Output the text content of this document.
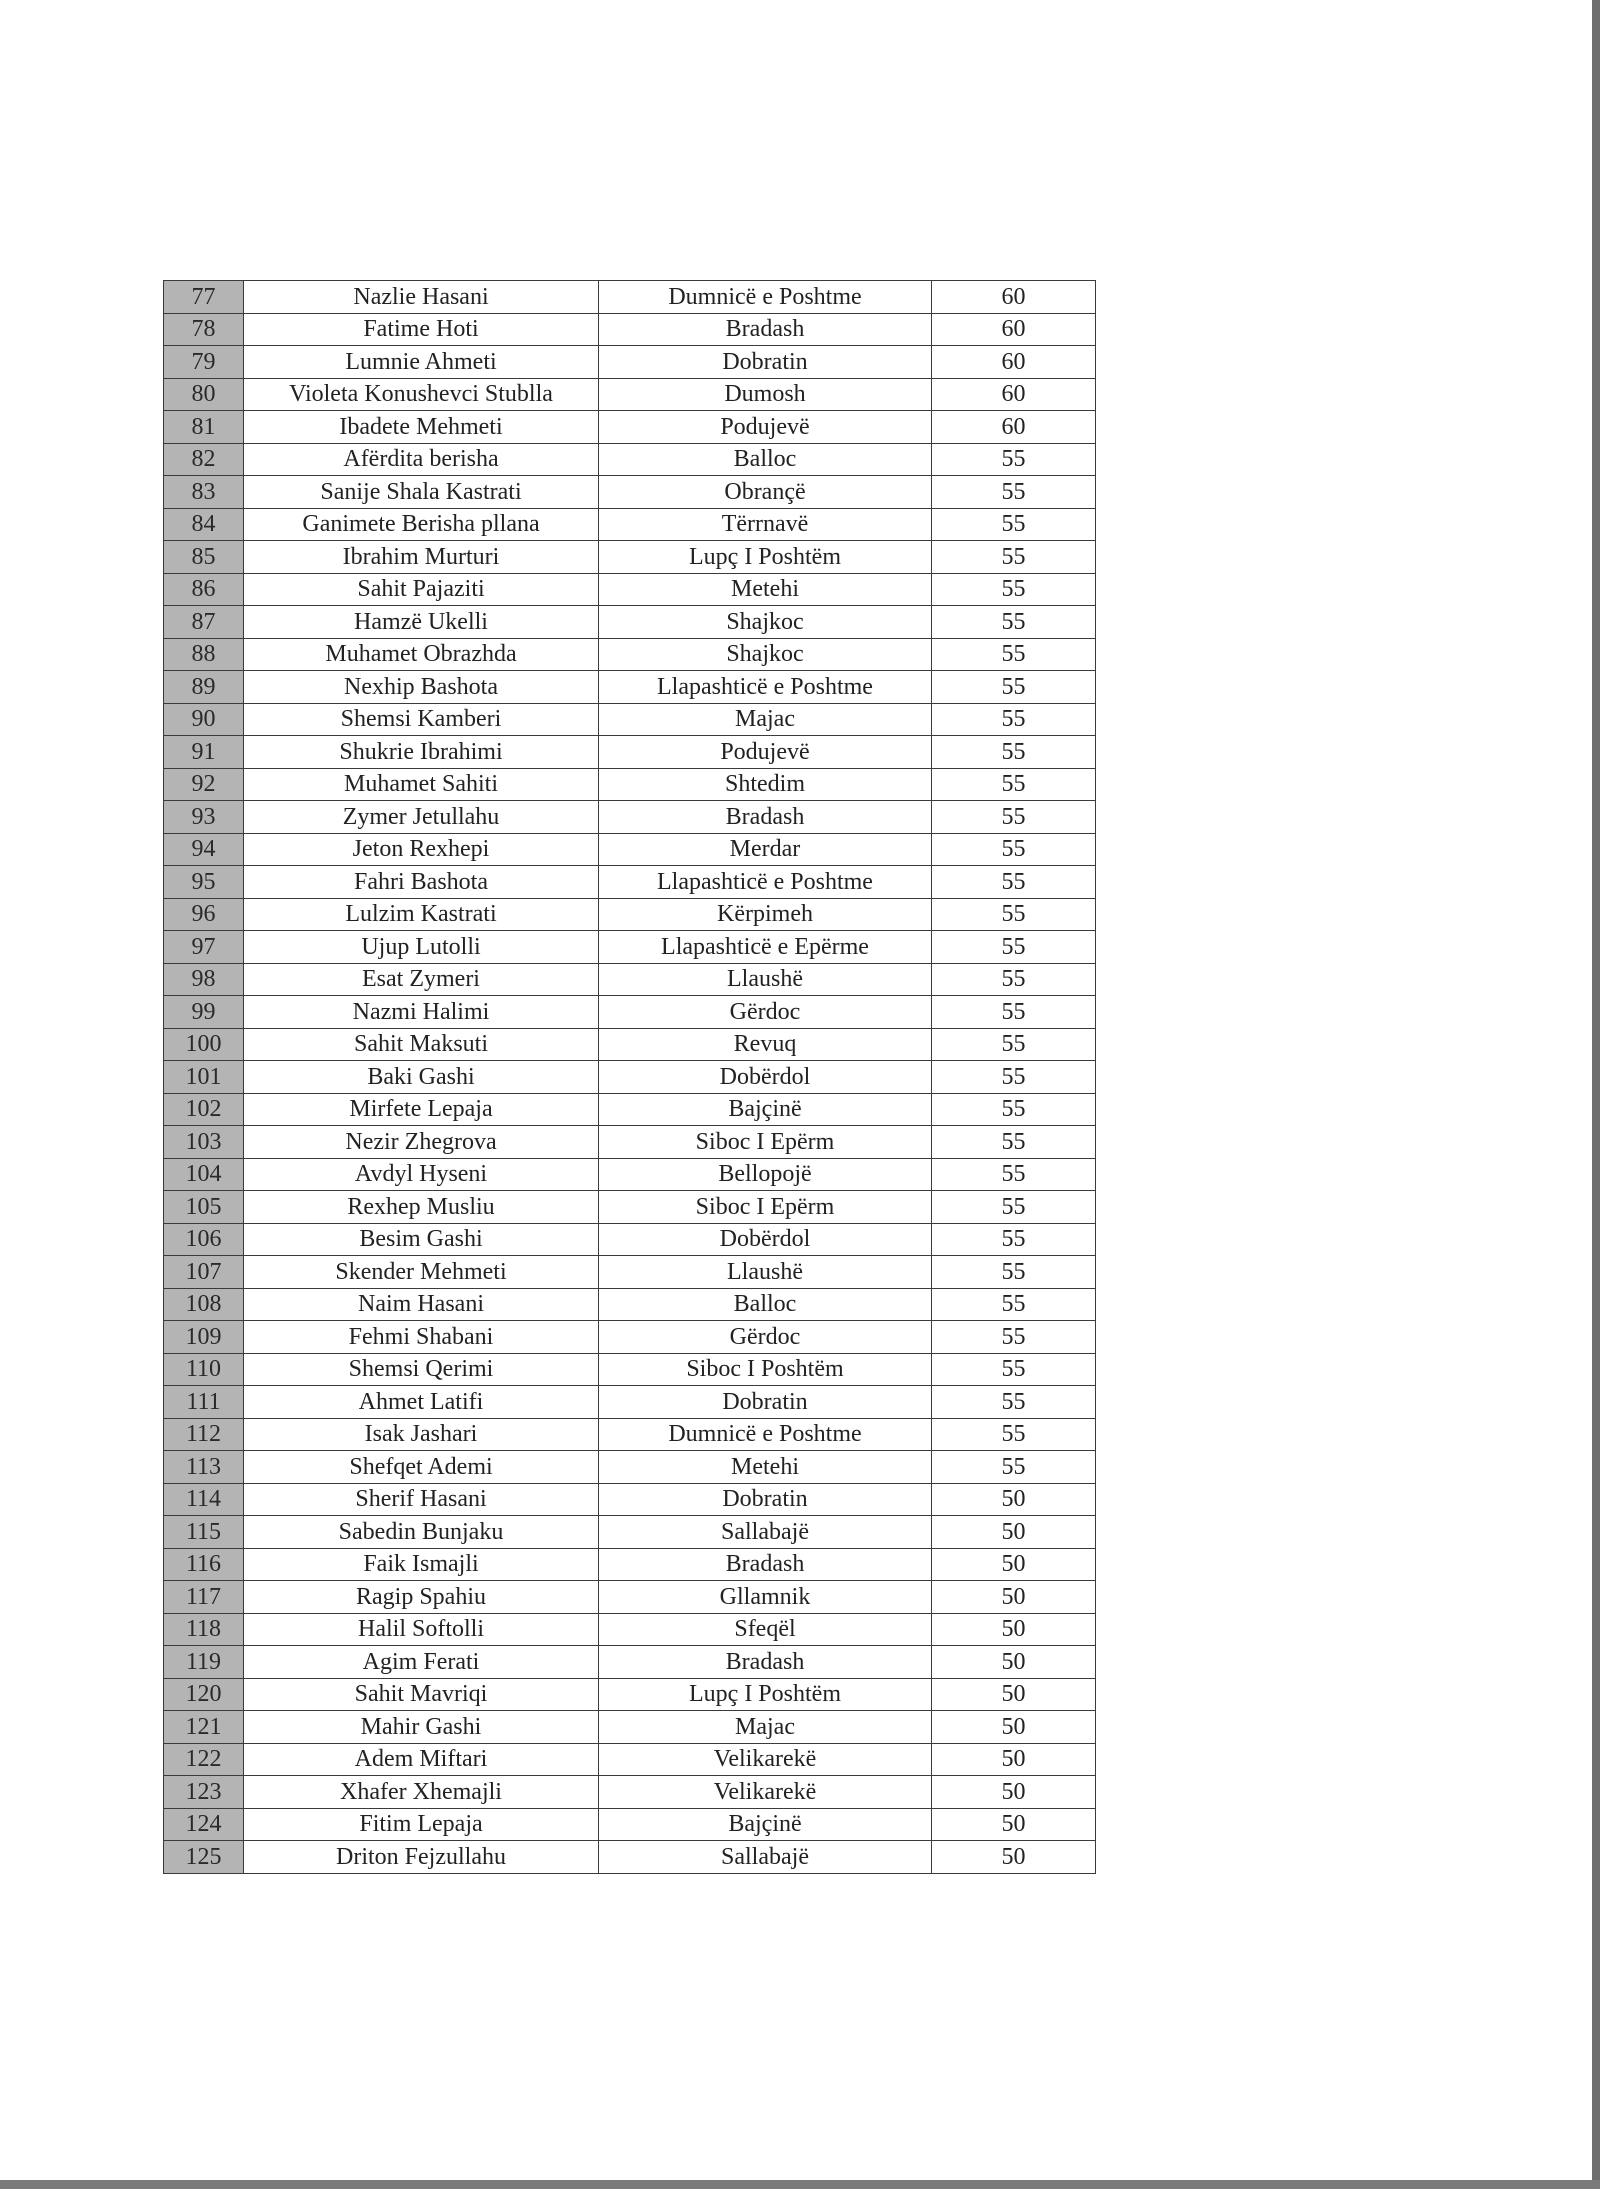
77	Nazlie Hasani	Dumnicë e Poshtme	60
78	Fatime Hoti	Bradash	60
79	Lumnie Ahmeti	Dobratin	60
80	Violeta Konushevci Stublla	Dumosh	60
81	Ibadete Mehmeti	Podujevë	60
82	Afërdita berisha	Balloc	55
83	Sanije Shala Kastrati	Obrançë	55
84	Ganimete Berisha pllana	Tërrnavë	55
85	Ibrahim Murturi	Lupç I Poshtëm	55
86	Sahit Pajaziti	Metehi	55
87	Hamzë Ukelli	Shajkoc	55
88	Muhamet Obrazhda	Shajkoc	55
89	Nexhip Bashota	Llapashticë e Poshtme	55
90	Shemsi Kamberi	Majac	55
91	Shukrie Ibrahimi	Podujevë	55
92	Muhamet Sahiti	Shtedim	55
93	Zymer Jetullahu	Bradash	55
94	Jeton Rexhepi	Merdar	55
95	Fahri Bashota	Llapashticë e Poshtme	55
96	Lulzim Kastrati	Kërpimeh	55
97	Ujup Lutolli	Llapashticë e Epërme	55
98	Esat Zymeri	Llaushë	55
99	Nazmi Halimi	Gërdoc	55
100	Sahit Maksuti	Revuq	55
101	Baki Gashi	Dobërdol	55
102	Mirfete Lepaja	Bajçinë	55
103	Nezir Zhegrova	Siboc I Epërm	55
104	Avdyl Hyseni	Bellopojë	55
105	Rexhep Musliu	Siboc I Epërm	55
106	Besim Gashi	Dobërdol	55
107	Skender Mehmeti	Llaushë	55
108	Naim Hasani	Balloc	55
109	Fehmi Shabani	Gërdoc	55
110	Shemsi Qerimi	Siboc I Poshtëm	55
111	Ahmet Latifi	Dobratin	55
112	Isak Jashari	Dumnicë e Poshtme	55
113	Shefqet Ademi	Metehi	55
114	Sherif Hasani	Dobratin	50
115	Sabedin Bunjaku	Sallabajë	50
116	Faik Ismajli	Bradash	50
117	Ragip Spahiu	Gllamnik	50
118	Halil Softolli	Sfeqël	50
119	Agim Ferati	Bradash	50
120	Sahit Mavriqi	Lupç I Poshtëm	50
121	Mahir Gashi	Majac	50
122	Adem Miftari	Velikarekë	50
123	Xhafer Xhemajli	Velikarekë	50
124	Fitim Lepaja	Bajçinë	50
125	Driton Fejzullahu	Sallabajë	50
